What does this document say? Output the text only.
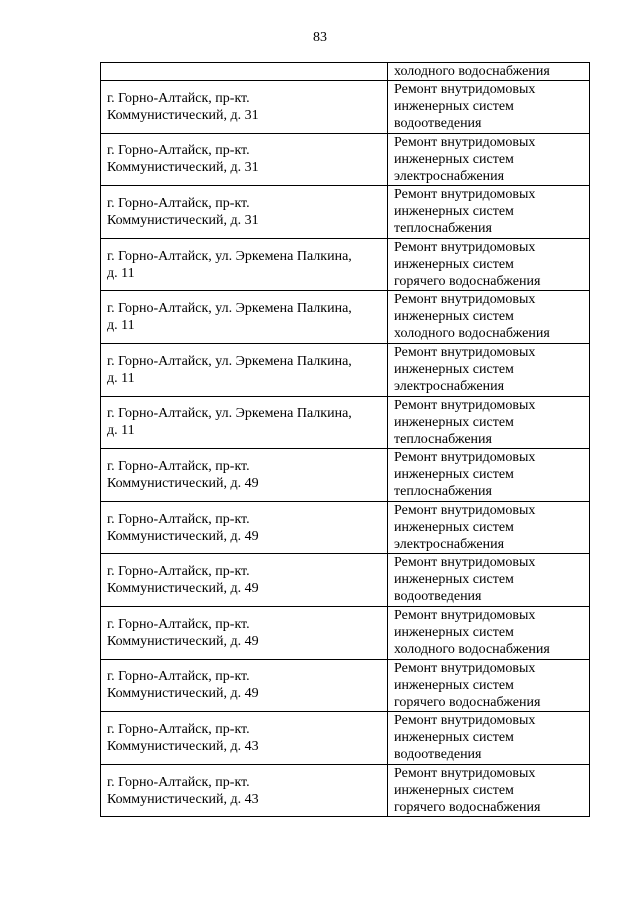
83
	холодного водоснабжения

г. Горно-Алтайск, пр-кт.
Коммунистический, д. 31	Ремонт внутридомовых
инженерных систем
водоотведения

г. Горно-Алтайск, пр-кт.
Коммунистический, д. 31	Ремонт внутридомовых
инженерных систем
электроснабжения

г. Горно-Алтайск, пр-кт.
Коммунистический, д. 31	Ремонт внутридомовых
инженерных систем
теплоснабжения

г. Горно-Алтайск, ул. Эркемена Палкина,
д. 11	Ремонт внутридомовых
инженерных систем
горячего водоснабжения

г. Горно-Алтайск, ул. Эркемена Палкина,
д. 11	Ремонт внутридомовых
инженерных систем
холодного водоснабжения

г. Горно-Алтайск, ул. Эркемена Палкина,
д. 11	Ремонт внутридомовых
инженерных систем
электроснабжения

г. Горно-Алтайск, ул. Эркемена Палкина,
д. 11	Ремонт внутридомовых
инженерных систем
теплоснабжения

г. Горно-Алтайск, пр-кт.
Коммунистический, д. 49	Ремонт внутридомовых
инженерных систем
теплоснабжения

г. Горно-Алтайск, пр-кт.
Коммунистический, д. 49	Ремонт внутридомовых
инженерных систем
электроснабжения

г. Горно-Алтайск, пр-кт.
Коммунистический, д. 49	Ремонт внутридомовых
инженерных систем
водоотведения

г. Горно-Алтайск, пр-кт.
Коммунистический, д. 49	Ремонт внутридомовых
инженерных систем
холодного водоснабжения

г. Горно-Алтайск, пр-кт.
Коммунистический, д. 49	Ремонт внутридомовых
инженерных систем
горячего водоснабжения

г. Горно-Алтайск, пр-кт.
Коммунистический, д. 43	Ремонт внутридомовых
инженерных систем
водоотведения

г. Горно-Алтайск, пр-кт.
Коммунистический, д. 43	Ремонт внутридомовых
инженерных систем
горячего водоснабжения
